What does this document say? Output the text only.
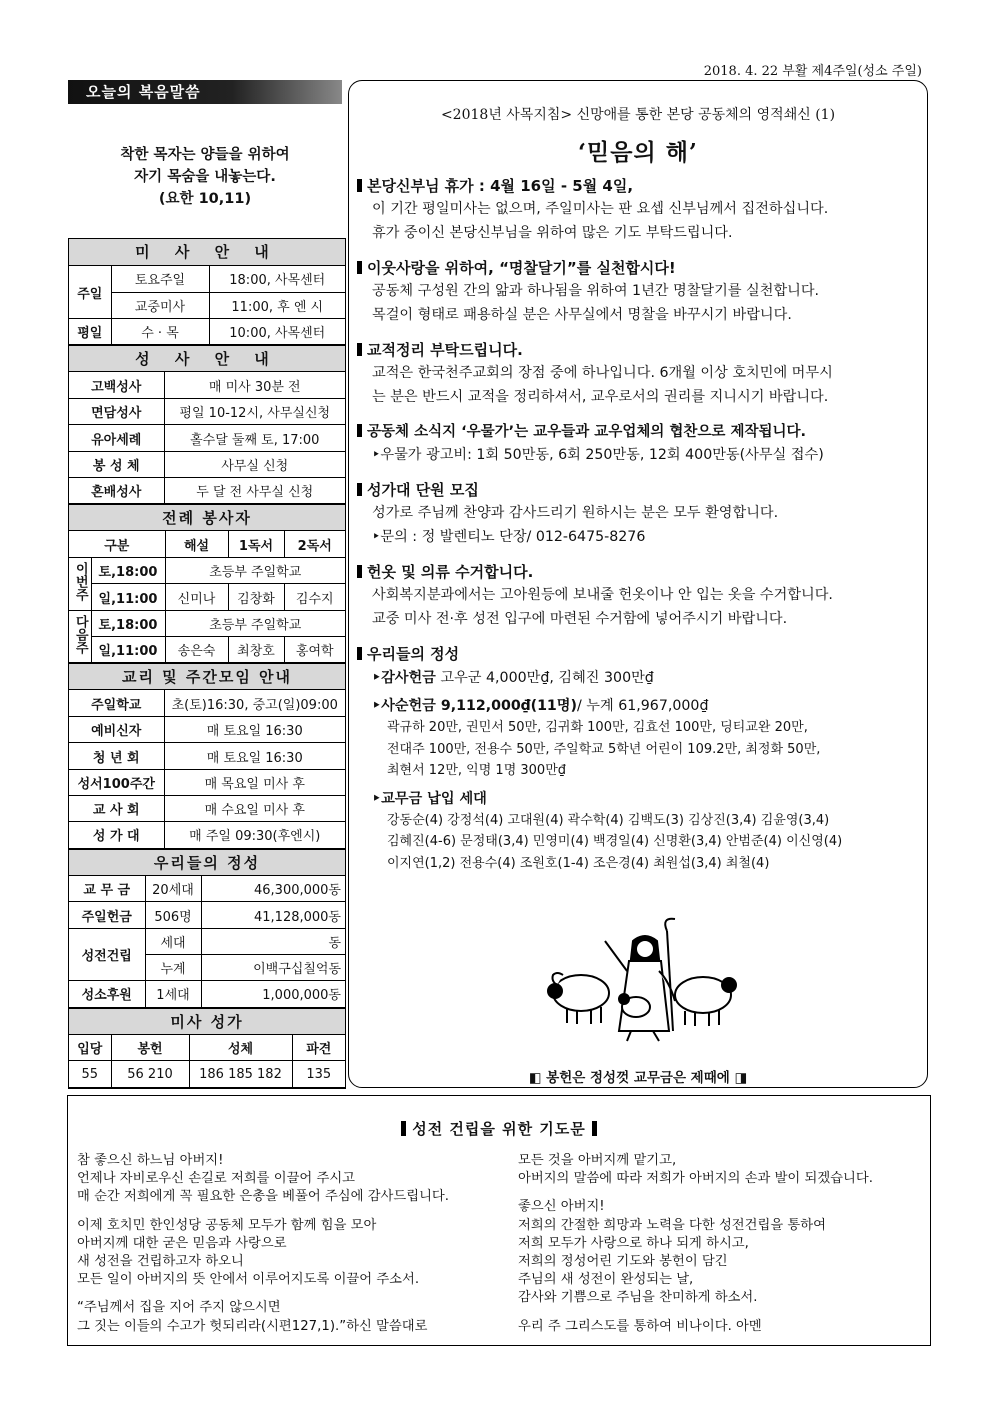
2018. 4. 22 부활 제4주일(성소 주일)
오늘의 복음말씀
착한 목자는 양들을 위하여
자기 목숨을 내놓는다.
(요한 10,11)
미 사 안 내
주일	토요주일	18:00, 사목센터
	교중미사	11:00, 후 엔 시
평일	수 · 목	10:00, 사목센터
성 사 안 내
고백성사	매 미사 30분 전
면담성사	평일 10-12시, 사무실신청
유아세례	홀수달 둘째 토, 17:00
봉 성 체	사무실 신청
혼배성사	두 달 전 사무실 신청
전례 봉사자
구분		해설	1독서	2독서
이번주	토,18:00	초등부 주일학교		
	일,11:00	신미나	김창화	김수지
다음주	토,18:00	초등부 주일학교		
	일,11:00	송은숙	최창호	홍여학
교리 및 주간모임 안내
주일학교	초(토)16:30, 중고(일)09:00
예비신자	매 토요일 16:30
청 년 회	매 토요일 16:30
성서100주간	매 목요일 미사 후
교 사 회	매 수요일 미사 후
성 가 대	매 주일 09:30(후엔시)
우리들의 정성
교 무 금	20세대	46,300,000동
주일헌금	506명	41,128,000동
성전건립	세대	동
	누계	이백구십칠억동
성소후원	1세대	1,000,000동
미사 성가
입당	봉헌	성체	파견
55	56 210	186 185 182	135
<2018년 사목지침> 신망애를 통한 본당 공동체의 영적쇄신 (1)
‘믿음의 해’
본당신부님 휴가 : 4월 16일 - 5월 4일,
이 기간 평일미사는 없으며, 주일미사는 판 요셉 신부님께서 집전하십니다.
휴가 중이신 본당신부님을 위하여 많은 기도 부탁드립니다.
이웃사랑을 위하여, “명찰달기”를 실천합시다!
공동체 구성원 간의 앎과 하나됨을 위하여 1년간 명찰달기를 실천합니다.
목걸이 형태로 패용하실 분은 사무실에서 명찰을 바꾸시기 바랍니다.
교적정리 부탁드립니다.
교적은 한국천주교회의 장점 중에 하나입니다. 6개월 이상 호치민에 머무시
는 분은 반드시 교적을 정리하셔서, 교우로서의 권리를 지니시기 바랍니다.
공동체 소식지 ‘우물가’는 교우들과 교우업체의 협찬으로 제작됩니다.
‣우물가 광고비: 1회 50만동, 6회 250만동, 12회 400만동(사무실 접수)
성가대 단원 모집
성가로 주님께 찬양과 감사드리기 원하시는 분은 모두 환영합니다.
‣문의 : 정 발렌티노 단장/ 012-6475-8276
헌옷 및 의류 수거합니다.
사회복지분과에서는 고아원등에 보내줄 헌옷이나 안 입는 옷을 수거합니다.
교중 미사 전·후 성전 입구에 마련된 수거함에 넣어주시기 바랍니다.
우리들의 정성
‣감사헌금 고우군 4,000만₫, 김혜진 300만₫
‣사순헌금 9,112,000₫(11명)/ 누계 61,967,000₫
곽규하 20만, 권민서 50만, 김귀화 100만, 김효선 100만, 딩티교완 20만,
전대주 100만, 전용수 50만, 주일학교 5학년 어린이 109.2만, 최정화 50만,
최현서 12만, 익명 1명 300만₫
‣교무금 납입 세대
강동순(4) 강정석(4) 고대원(4) 곽수학(4) 김백도(3) 김상진(3,4) 김윤영(3,4)
김혜진(4-6) 문정태(3,4) 민영미(4) 백경일(4) 신명환(3,4) 안범준(4) 이신영(4)
이지연(1,2) 전용수(4) 조원호(1-4) 조은경(4) 최원섭(3,4) 최철(4)
◧ 봉헌은 정성껏 교무금은 제때에 ◨
성전 건립을 위한 기도문
참 좋으신 하느님 아버지!
언제나 자비로우신 손길로 저희를 이끌어 주시고
매 순간 저희에게 꼭 필요한 은총을 베풀어 주심에 감사드립니다.
이제 호치민 한인성당 공동체 모두가 함께 힘을 모아
아버지께 대한 굳은 믿음과 사랑으로
새 성전을 건립하고자 하오니
모든 일이 아버지의 뜻 안에서 이루어지도록 이끌어 주소서.
“주님께서 집을 지어 주지 않으시면
그 짓는 이들의 수고가 헛되리라(시편127,1).”하신 말씀대로
모든 것을 아버지께 맡기고,
아버지의 말씀에 따라 저희가 아버지의 손과 발이 되겠습니다.
좋으신 아버지!
저희의 간절한 희망과 노력을 다한 성전건립을 통하여
저희 모두가 사랑으로 하나 되게 하시고,
저희의 정성어린 기도와 봉헌이 담긴
주님의 새 성전이 완성되는 날,
감사와 기쁨으로 주님을 찬미하게 하소서.
우리 주 그리스도를 통하여 비나이다. 아멘
